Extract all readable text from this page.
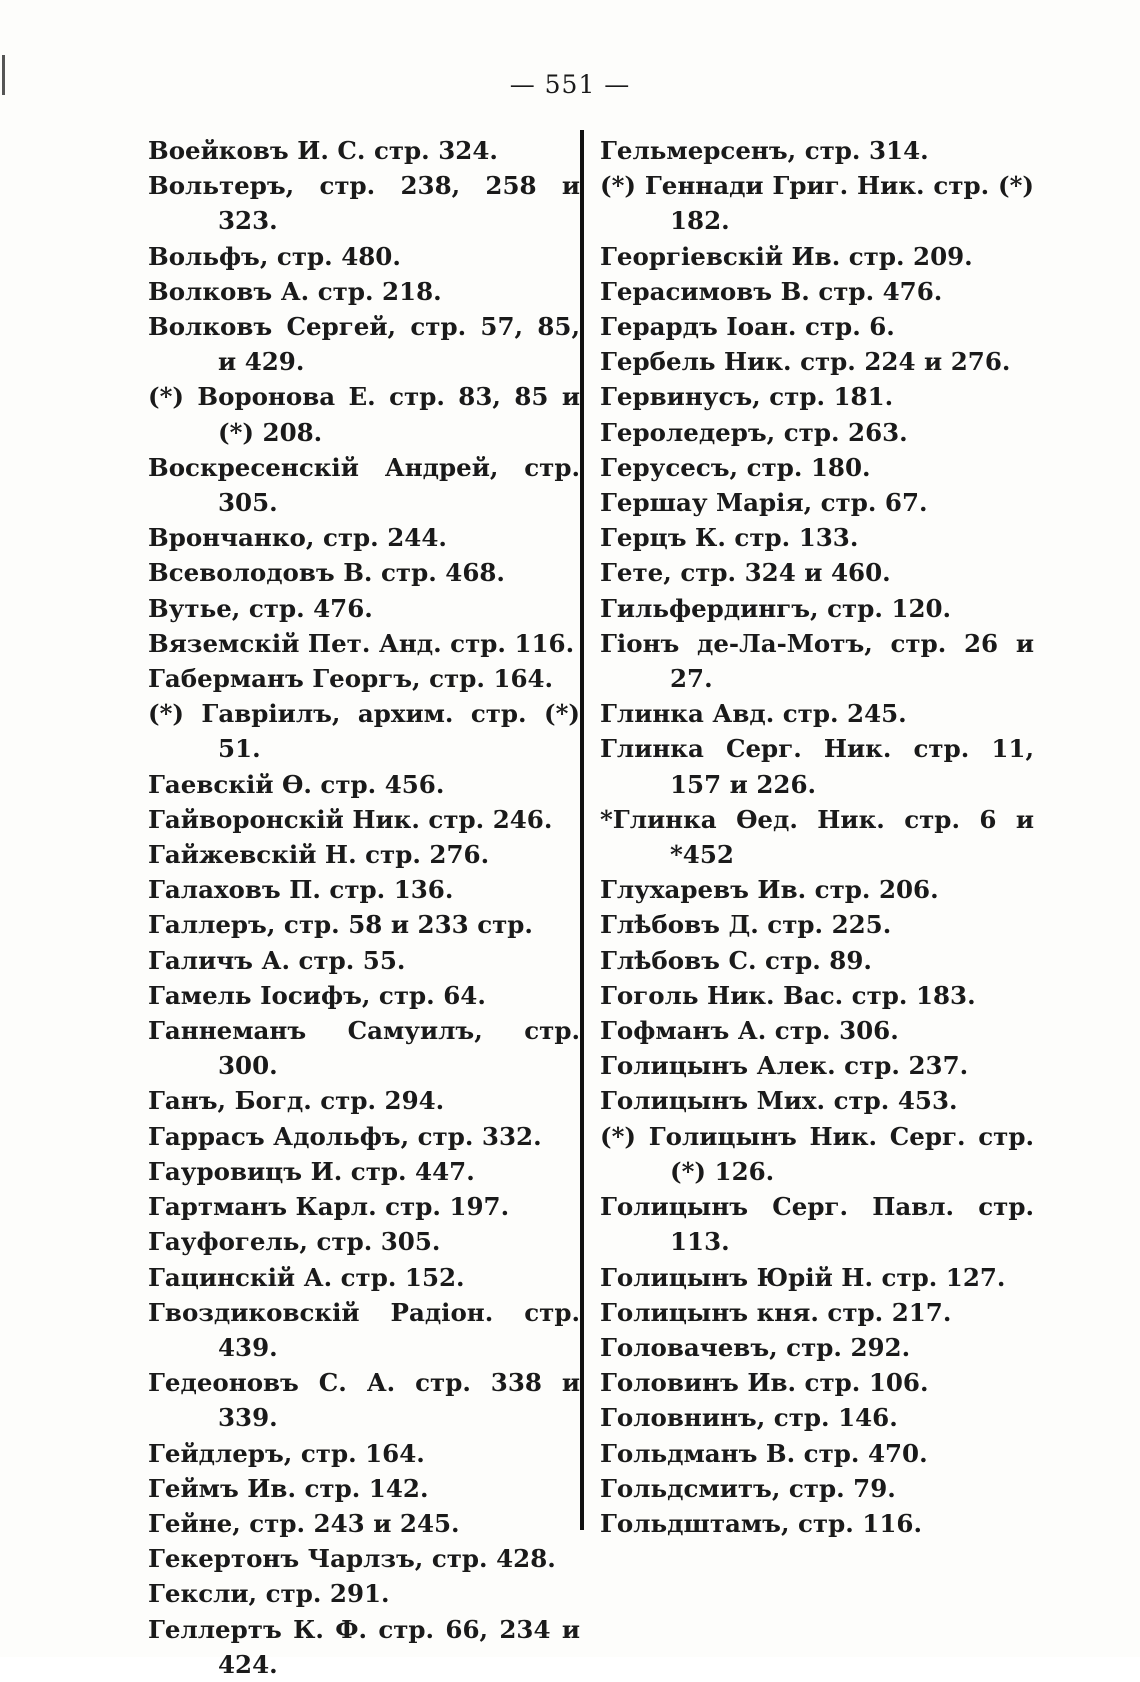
— 551 —
Воейковъ И. С. стр. 324.
Вольтеръ, стр. 238, 258 и 323.
Вольфъ, стр. 480.
Волковъ А. стр. 218.
Волковъ Сергей, стр. 57, 85, и 429.
(*) Воронова Е. стр. 83, 85 и (*) 208.
Воскресенскій Андрей, стр. 305.
Врончанко, стр. 244.
Всеволодовъ В. стр. 468.
Вутье, стр. 476.
Вяземскій Пет. Анд. стр. 116.
Габерманъ Георгъ, стр. 164.
(*) Гавріилъ, архим. стр. (*) 51.
Гаевскій Ѳ. стр. 456.
Гайворонскій Ник. стр. 246.
Гайжевскій Н. стр. 276.
Галаховъ П. стр. 136.
Галлеръ, стр. 58 и 233 стр.
Галичъ А. стр. 55.
Гамель Іосифъ, стр. 64.
Ганнеманъ Самуилъ, стр. 300.
Ганъ, Богд. стр. 294.
Гаррасъ Адольфъ, стр. 332.
Гауровицъ И. стр. 447.
Гартманъ Карл. стр. 197.
Гауфогель, стр. 305.
Гацинскій А. стр. 152.
Гвоздиковскій Радіон. стр. 439.
Гедеоновъ С. А. стр. 338 и 339.
Гейдлеръ, стр. 164.
Геймъ Ив. стр. 142.
Гейне, стр. 243 и 245.
Гекертонъ Чарлзъ, стр. 428.
Гексли, стр. 291.
Геллертъ К. Ф. стр. 66, 234 и 424.
Гельмерсенъ, стр. 314.
(*) Геннади Григ. Ник. стр. (*) 182.
Георгіевскій Ив. стр. 209.
Герасимовъ В. стр. 476.
Герардъ Іоан. стр. 6.
Гербель Ник. стр. 224 и 276.
Гервинусъ, стр. 181.
Героледеръ, стр. 263.
Герусесъ, стр. 180.
Гершау Марія, стр. 67.
Герцъ К. стр. 133.
Гете, стр. 324 и 460.
Гильфердингъ, стр. 120.
Гіонъ де-Ла-Мотъ, стр. 26 и 27.
Глинка Авд. стр. 245.
Глинка Серг. Ник. стр. 11, 157 и 226.
*Глинка Ѳед. Ник. стр. 6 и *452
Глухаревъ Ив. стр. 206.
Глѣбовъ Д. стр. 225.
Глѣбовъ С. стр. 89.
Гоголь Ник. Вас. стр. 183.
Гофманъ А. стр. 306.
Голицынъ Алек. стр. 237.
Голицынъ Мих. стр. 453.
(*) Голицынъ Ник. Серг. стр. (*) 126.
Голицынъ Серг. Павл. стр. 113.
Голицынъ Юрій Н. стр. 127.
Голицынъ кня. стр. 217.
Головачевъ, стр. 292.
Головинъ Ив. стр. 106.
Головнинъ, стр. 146.
Гольдманъ В. стр. 470.
Гольдсмитъ, стр. 79.
Гольдштамъ, стр. 116.
